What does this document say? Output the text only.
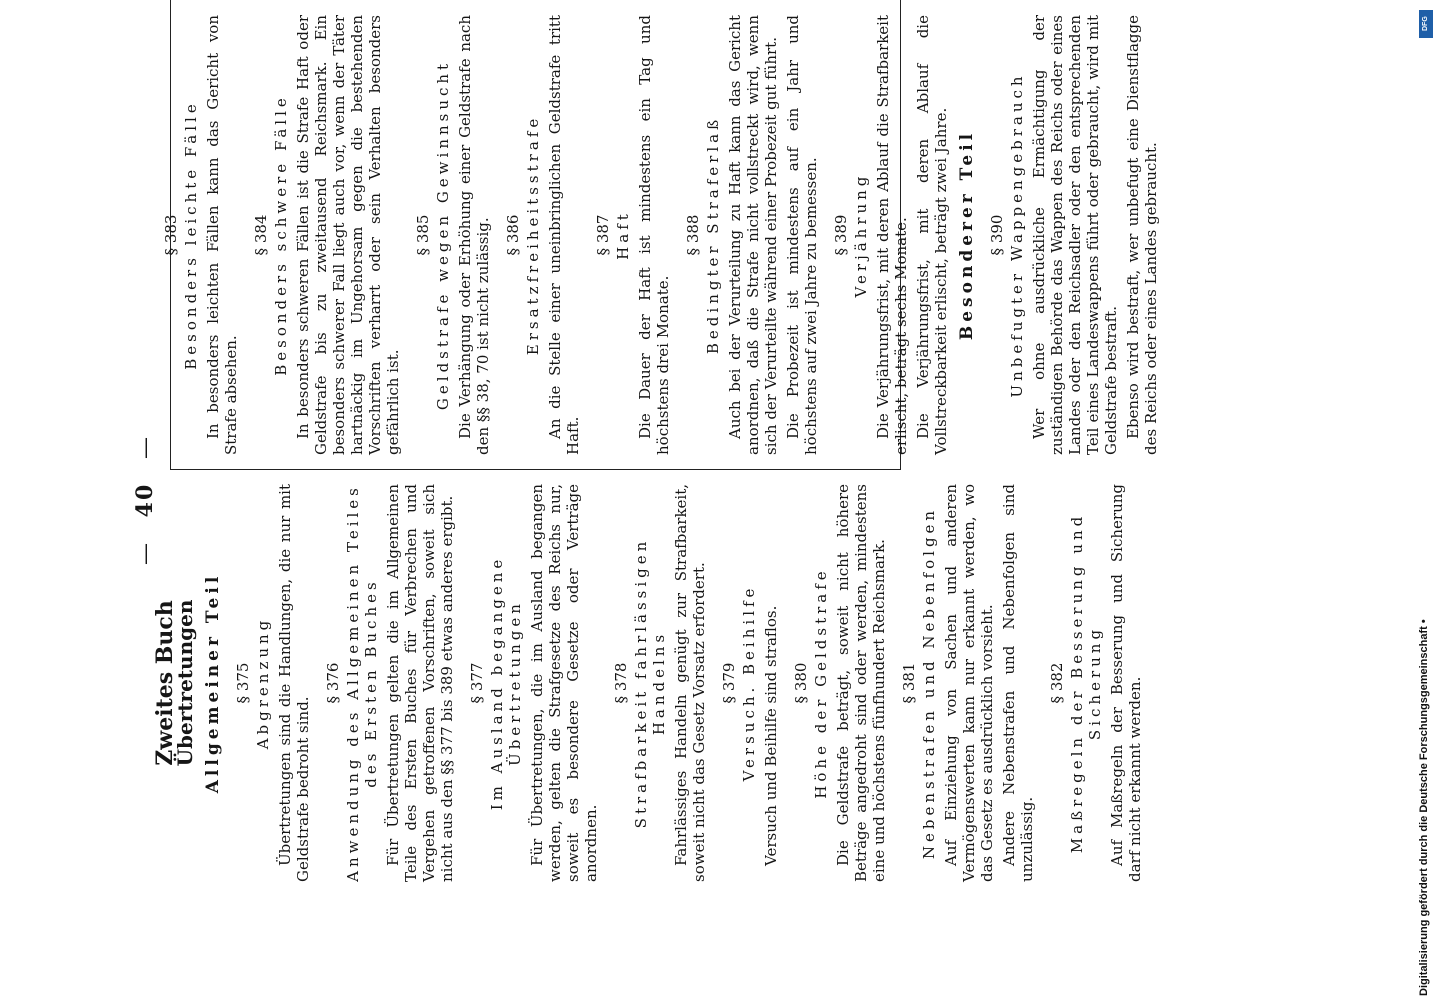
— 40 —
Zweites Buch
Übertretungen Allgemeiner Teil § 375 Abgrenzung Übertretungen sind die Handlungen, die nur mit Geldstrafe bedroht sind.
§ 376 Anwendung des Allgemeinen Teiles des Ersten Buches Für Übertretungen gelten die im Allgemeinen Teile des Ersten Buches für Verbrechen und Vergehen getroffenen Vorschriften, soweit sich nicht aus den §§ 377 bis 389 etwas anderes ergibt. § 377 Im Ausland begangene Übertretungen Für Übertretungen, die im Ausland begangen werden, gelten die Strafgesetze des Reichs nur, soweit es besondere Gesetze oder Verträge anordnen.
§ 378 Strafbarkeit fahrlässigen Handelns Fahrlässiges Handeln genügt zur Strafbarkeit, soweit nicht das Gesetz Vorsatz erfordert. § 379 Versuch. Beihilfe Versuch und Beihilfe sind straflos. § 380 Höhe der Geldstrafe Die Geldstrafe beträgt, soweit nicht höhere Beträge angedroht sind oder werden, mindestens eine und höchstens fünfhundert Reichsmark. § 381 Nebenstrafen und Nebenfolgen Auf Einziehung von Sachen und anderen Vermögenswerten kann nur erkannt werden, wo das Gesetz es ausdrücklich vorsieht. Andere Nebenstrafen und Nebenfolgen sind unzulässig.
§ 382 Maßregeln der Besserung und Sicherung Auf Maßregeln der Besserung und Sicherung darf nicht erkannt werden.
§ 383 Besonders leichte Fälle In besonders leichten Fällen kann das Gericht von Strafe absehen.
§ 384 Besonders schwere Fälle In besonders schweren Fällen ist die Strafe Haft oder Geldstrafe bis zu zweitausend Reichsmark. Ein besonders schwerer Fall liegt auch vor, wenn der Täter hartnäckig im Ungehorsam gegen die bestehenden Vorschriften verharrt oder sein Verhalten besonders gefährlich ist.
§ 385 Geldstrafe wegen Gewinnsucht Die Verhängung oder Erhöhung einer Geldstrafe nach den §§ 38, 70 ist nicht zulässig. § 386 Ersatzfreiheitsstrafe An die Stelle einer uneinbringlichen Geldstrafe tritt Haft.
§ 387 Haft Die Dauer der Haft ist mindestens ein Tag und höchstens drei Monate.
§ 388 Bedingter Straferlaß Auch bei der Verurteilung zu Haft kann das Gericht anordnen, daß die Strafe nicht vollstreckt wird, wenn sich der Verurteilte während einer Probezeit gut führt. Die Probezeit ist mindestens auf ein Jahr und höchstens auf zwei Jahre zu bemessen. § 389 Verjährung Die Verjährungsfrist, mit deren Ablauf die Strafbarkeit erlischt, beträgt sechs Monate. Die Verjährungsfrist, mit deren Ablauf die Vollstreckbarkeit erlischt, beträgt zwei Jahre. Besonderer Teil § 390 Unbefugter Wappengebrauch Wer ohne ausdrückliche Ermächtigung der zuständigen Behörde das Wappen des Reichs oder eines Landes oder den Reichsadler oder den entsprechenden Teil eines Landeswappens führt oder gebraucht, wird mit Geldstrafe bestraft. Ebenso wird bestraft, wer unbefugt eine Dienstflagge des Reichs oder eines Landes gebraucht.
DFG
Digitalisierung gefördert durch die Deutsche Forschungsgemeinschaft •
